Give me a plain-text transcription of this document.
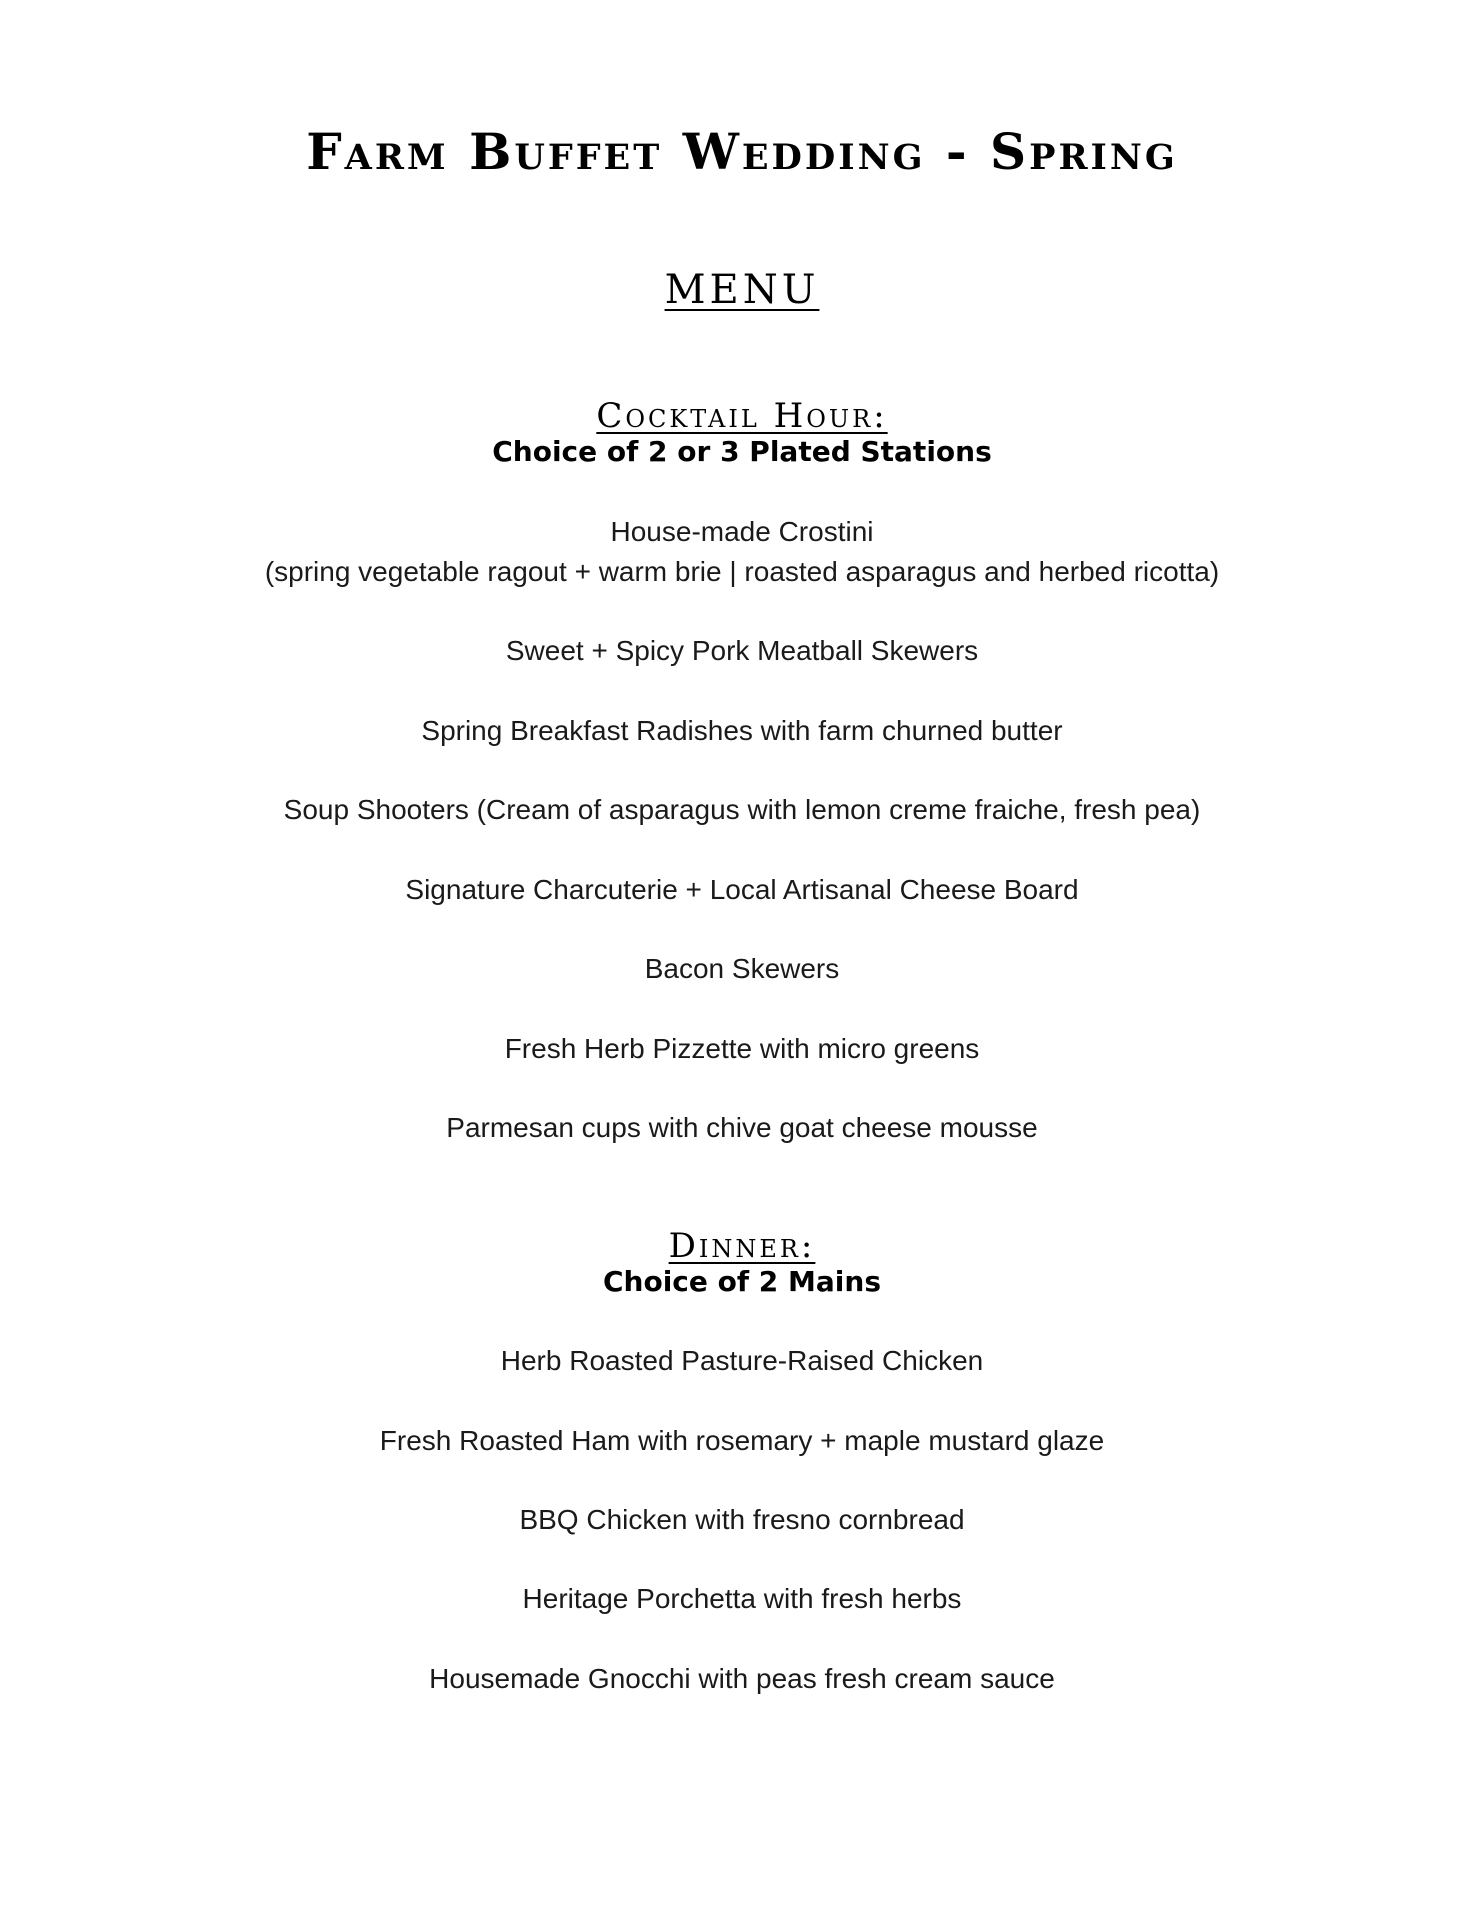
Farm Buffet Wedding - Spring
MENU
Cocktail Hour:

Choice of 2 or 3 Plated Stations

House-made Crostini

(spring vegetable ragout + warm brie | roasted asparagus and herbed ricotta)

Sweet + Spicy Pork Meatball Skewers

Spring Breakfast Radishes with farm churned butter

Soup Shooters (Cream of asparagus with lemon creme fraiche, fresh pea)

Signature Charcuterie + Local Artisanal Cheese Board

Bacon Skewers

Fresh Herb Pizzette with micro greens

Parmesan cups with chive goat cheese mousse

Dinner:

Choice of 2 Mains

Herb Roasted Pasture-Raised Chicken

Fresh Roasted Ham with rosemary + maple mustard glaze

BBQ Chicken with fresno cornbread

Heritage Porchetta with fresh herbs

Housemade Gnocchi with peas fresh cream sauce
